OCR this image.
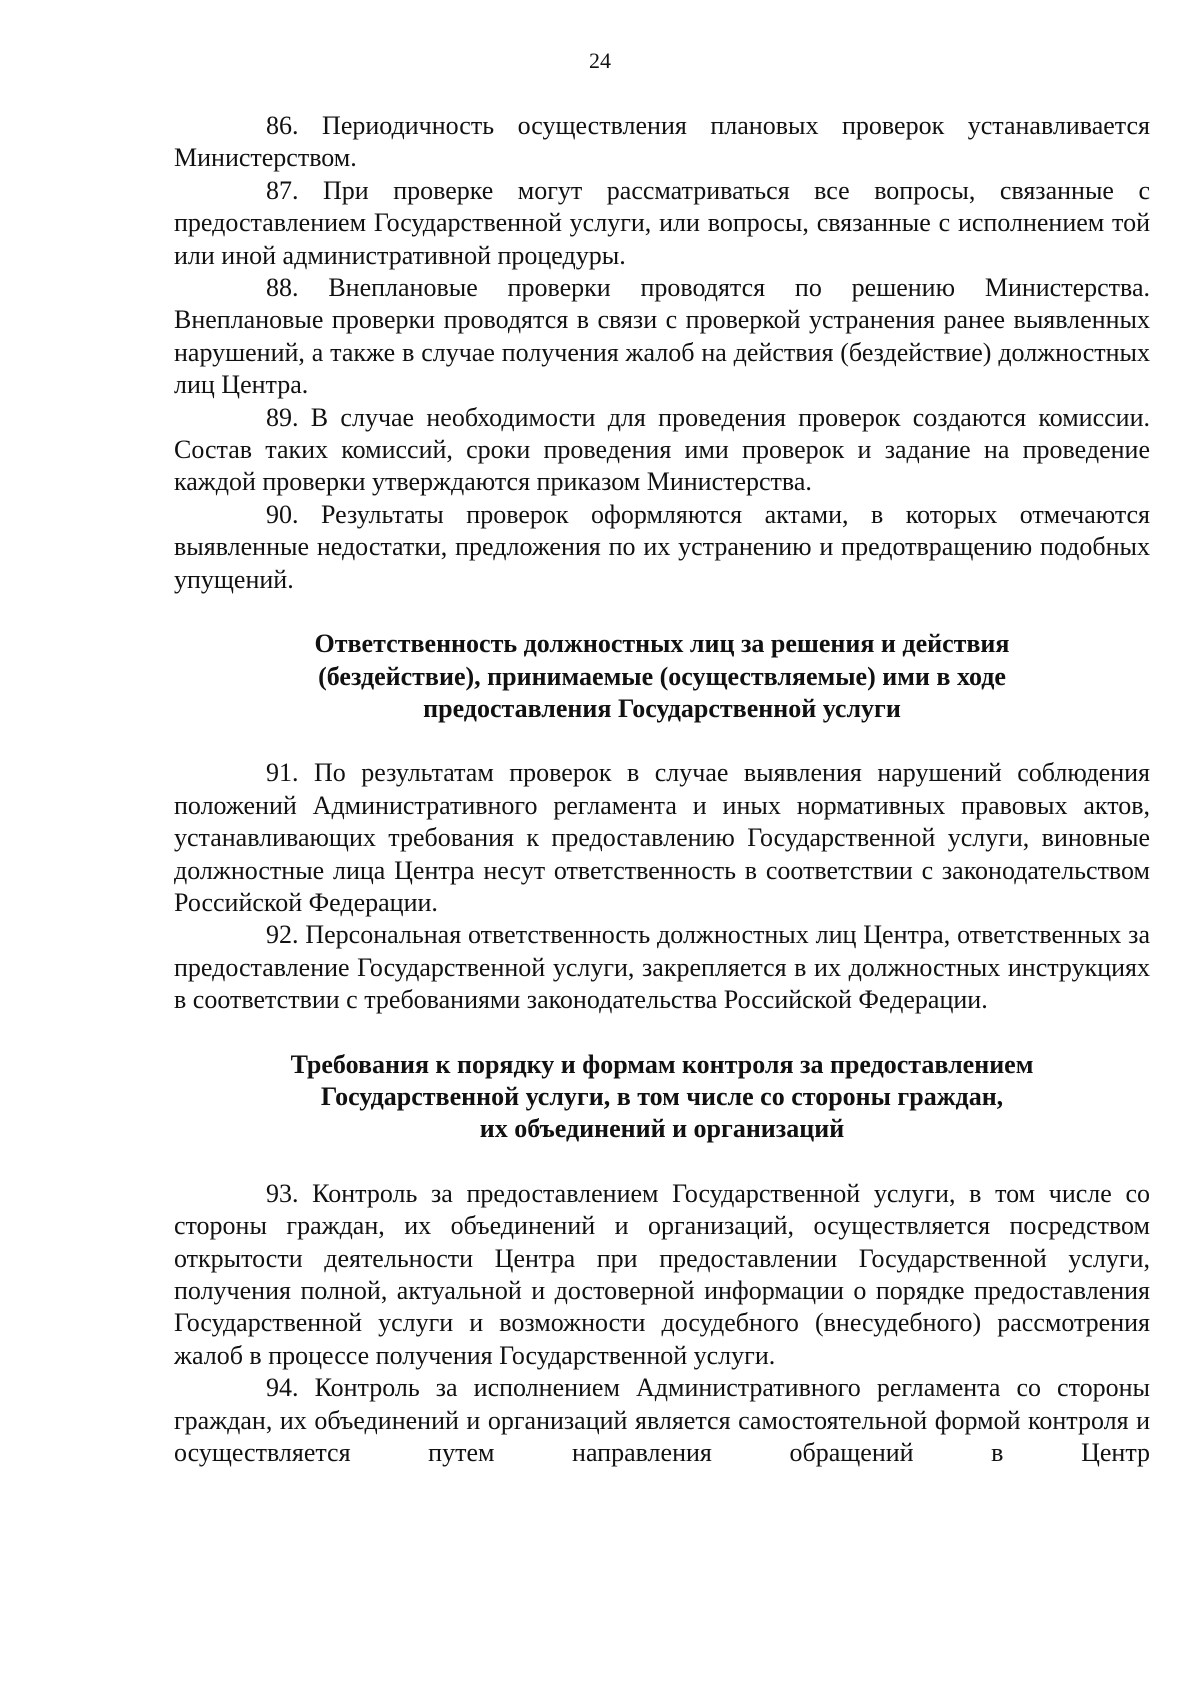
24

86. Периодичность осуществления плановых проверок устанавливается Министерством.

87. При проверке могут рассматриваться все вопросы, связанные с предоставлением Государственной услуги, или вопросы, связанные с исполнением той или иной административной процедуры.

88. Внеплановые проверки проводятся по решению Министерства. Внеплановые проверки проводятся в связи с проверкой устранения ранее выявленных нарушений, а также в случае получения жалоб на действия (бездействие) должностных лиц Центра.

89. В случае необходимости для проведения проверок создаются комиссии. Состав таких комиссий, сроки проведения ими проверок и задание на проведение каждой проверки утверждаются приказом Министерства.

90. Результаты проверок оформляются актами, в которых отмечаются выявленные недостатки, предложения по их устранению и предотвращению подобных упущений.

Ответственность должностных лиц за решения и действия
(бездействие), принимаемые (осуществляемые) ими в ходе
предоставления Государственной услуги

91. По результатам проверок в случае выявления нарушений соблюдения положений Административного регламента и иных нормативных правовых актов, устанавливающих требования к предоставлению Государственной услуги, виновные должностные лица Центра несут ответственность в соответствии с законодательством Российской Федерации.

92. Персональная ответственность должностных лиц Центра, ответственных за предоставление Государственной услуги, закрепляется в их должностных инструкциях в соответствии с требованиями законодательства Российской Федерации.

Требования к порядку и формам контроля за предоставлением
Государственной услуги, в том числе со стороны граждан,
их объединений и организаций

93. Контроль за предоставлением Государственной услуги, в том числе со стороны граждан, их объединений и организаций, осуществляется посредством открытости деятельности Центра при предоставлении Государственной услуги, получения полной, актуальной и достоверной информации о порядке предоставления Государственной услуги и возможности досудебного (внесудебного) рассмотрения жалоб в процессе получения Государственной услуги.

94. Контроль за исполнением Административного регламента со стороны граждан, их объединений и организаций является самостоятельной формой контроля и осуществляется путем направления обращений в Центр
